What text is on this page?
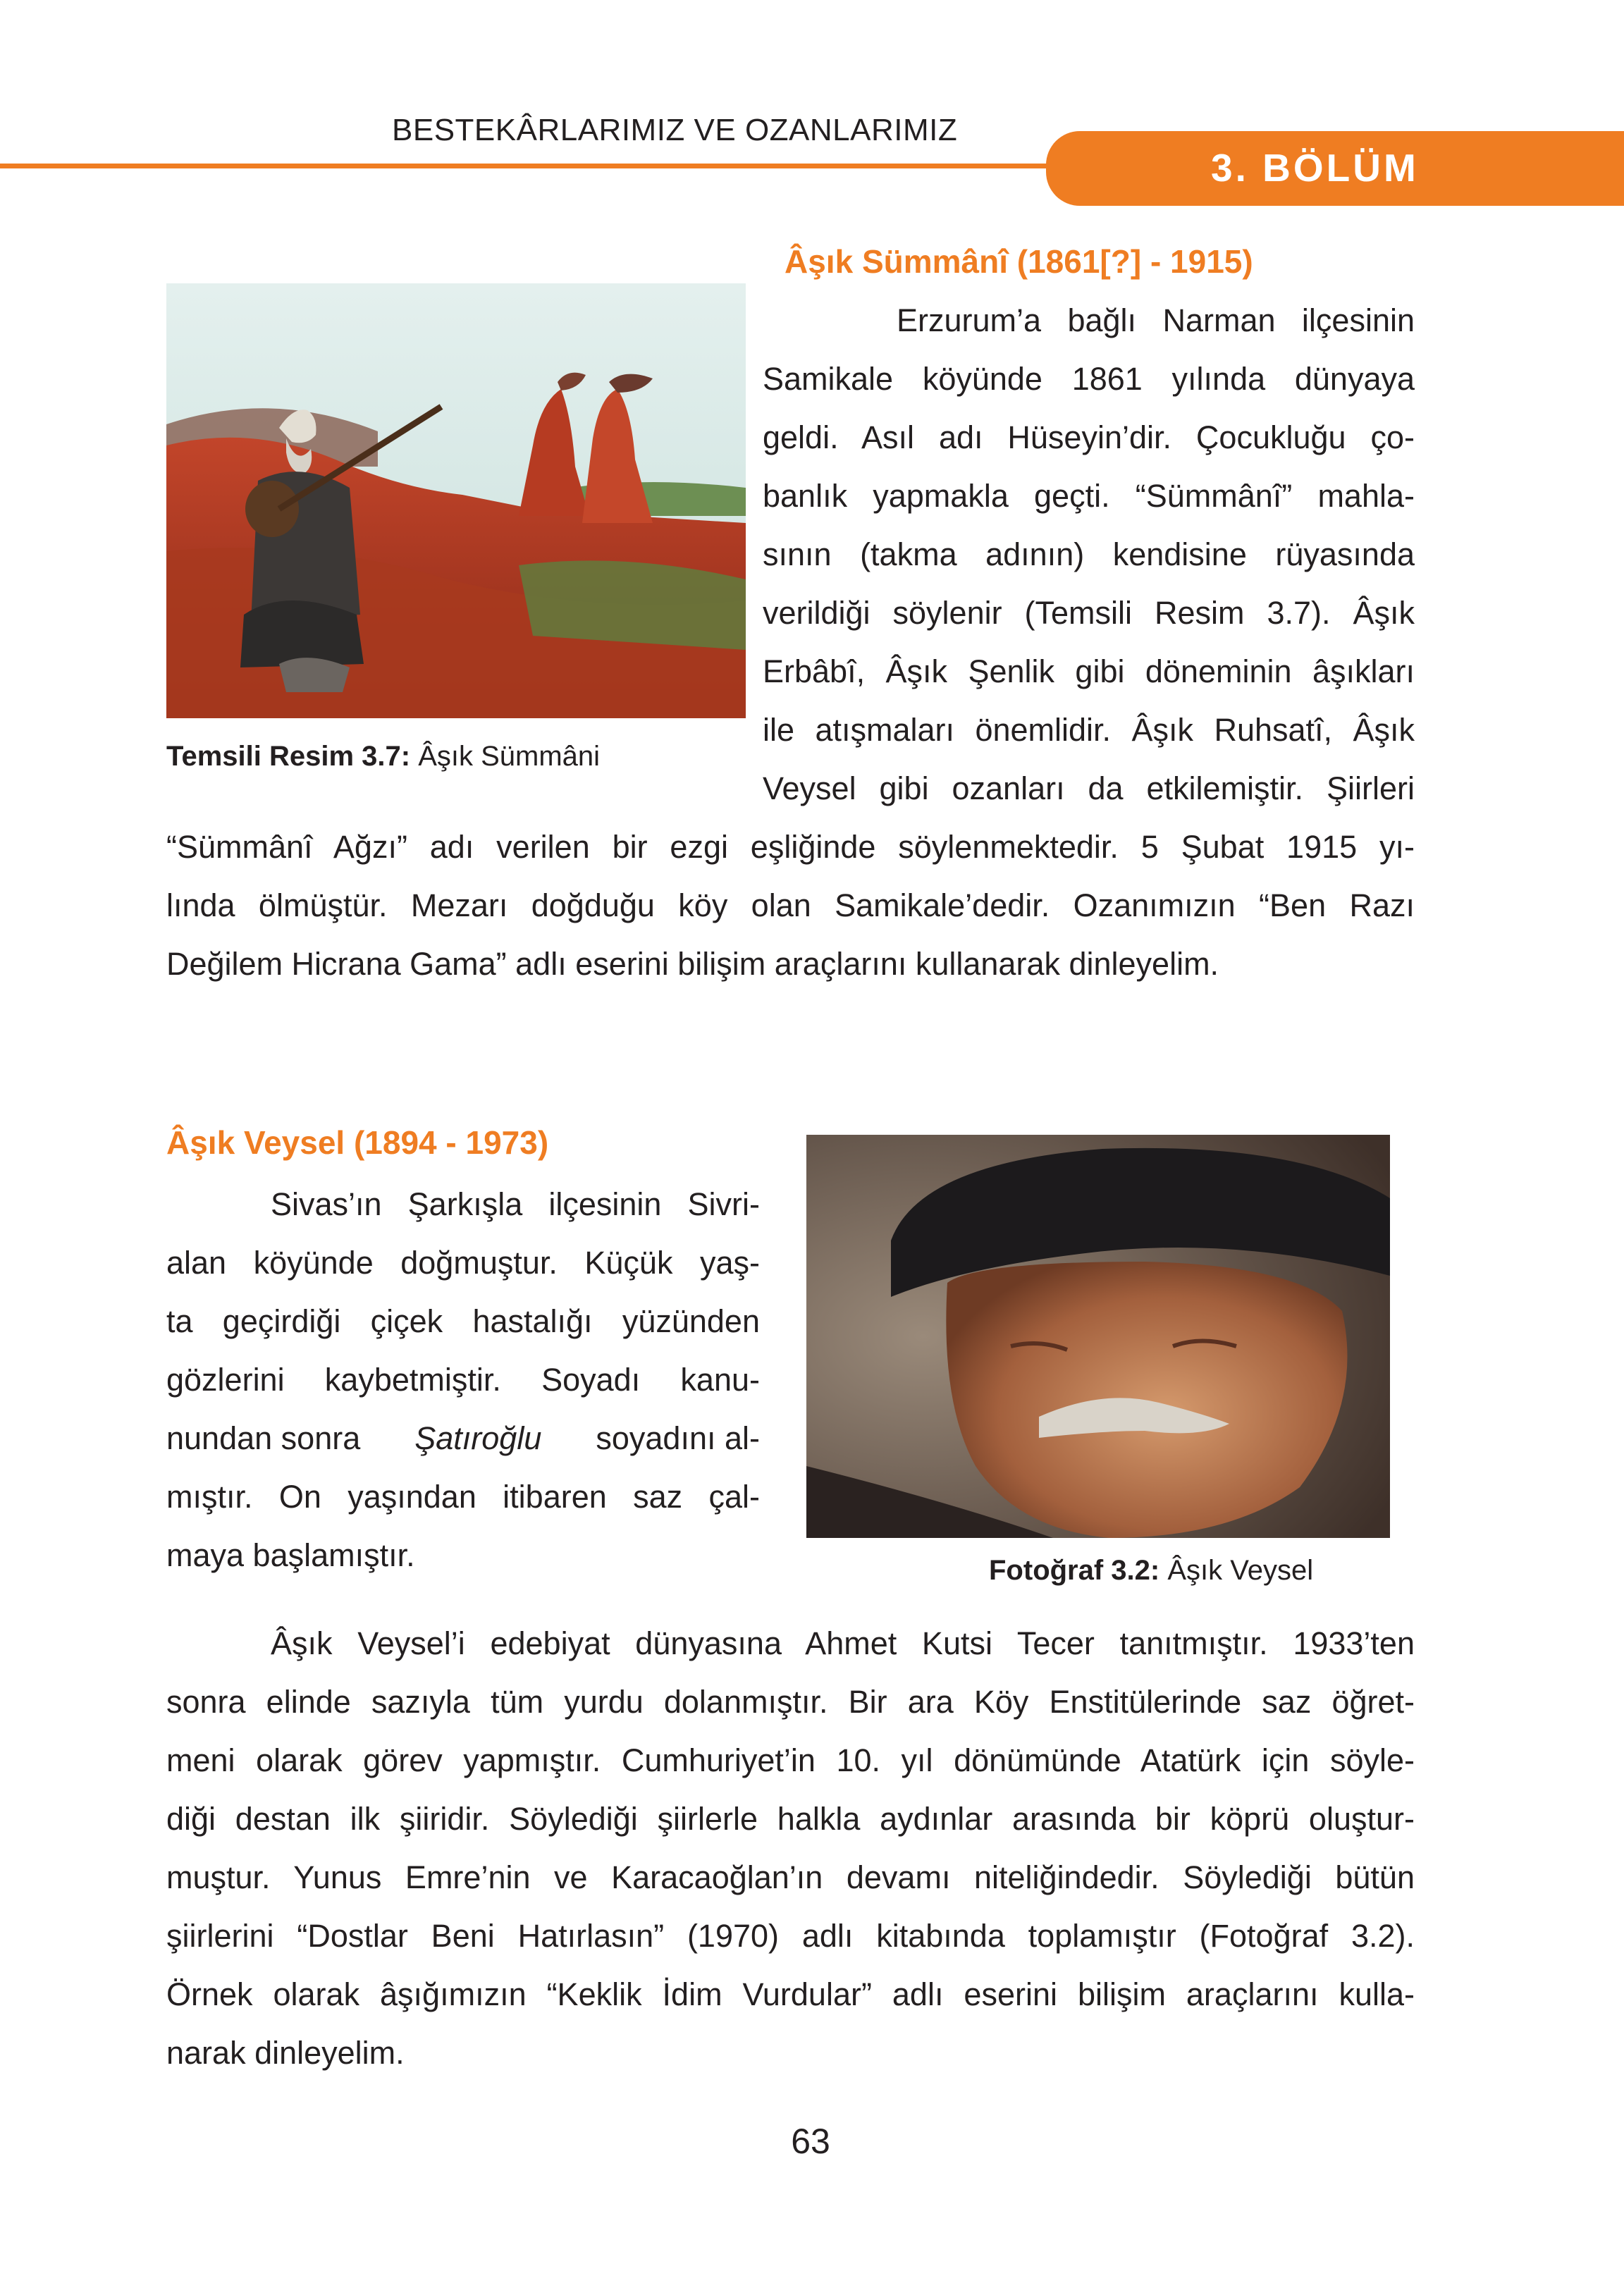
BESTEKÂRLARIMIZ VE OZANLARIMIZ
3. BÖLÜM
Âşık Sümmânî (1861[?] - 1915)
Temsili Resim 3.7: Âşık Sümmâni
Erzurum’a bağlı Narman ilçesinin
Samikale köyünde 1861 yılında dünyaya
geldi. Asıl adı Hüseyin’dir. Çocukluğu ço-
banlık yapmakla geçti. “Sümmânî” mahla-
sının (takma adının) kendisine rüyasında
verildiği söylenir (Temsili Resim 3.7). Âşık
Erbâbî, Âşık Şenlik gibi döneminin âşıkları
ile atışmaları önemlidir. Âşık Ruhsatî, Âşık
Veysel gibi ozanları da etkilemiştir. Şiirleri
“Sümmânî Ağzı” adı verilen bir ezgi eşliğinde söylenmektedir. 5 Şubat 1915 yı-
lında ölmüştür. Mezarı doğduğu köy olan Samikale’dedir. Ozanımızın “Ben Razı
Değilem Hicrana Gama” adlı eserini bilişim araçlarını kullanarak dinleyelim.
Âşık Veysel (1894 - 1973)
Sivas’ın Şarkışla ilçesinin Sivri-
alan köyünde doğmuştur. Küçük yaş-
ta geçirdiği çiçek hastalığı yüzünden
gözlerini kaybetmiştir. Soyadı kanu-
nundan sonra Şatıroğlu soyadını al-
mıştır. On yaşından itibaren saz çal-
maya başlamıştır.	Fotoğraf 3.2: Âşık Veysel
Âşık Veysel’i edebiyat dünyasına Ahmet Kutsi Tecer tanıtmıştır. 1933’ten
sonra elinde sazıyla tüm yurdu dolanmıştır. Bir ara Köy Enstitülerinde saz öğret-
meni olarak görev yapmıştır. Cumhuriyet’in 10. yıl dönümünde Atatürk için söyle-
diği destan ilk şiiridir. Söylediği şiirlerle halkla aydınlar arasında bir köprü oluştur-
muştur. Yunus Emre’nin ve Karacaoğlan’ın devamı niteliğindedir. Söylediği bütün
şiirlerini “Dostlar Beni Hatırlasın” (1970) adlı kitabında toplamıştır (Fotoğraf 3.2).
Örnek olarak âşığımızın “Keklik İdim Vurdular” adlı eserini bilişim araçlarını kulla-
narak dinleyelim.
63
